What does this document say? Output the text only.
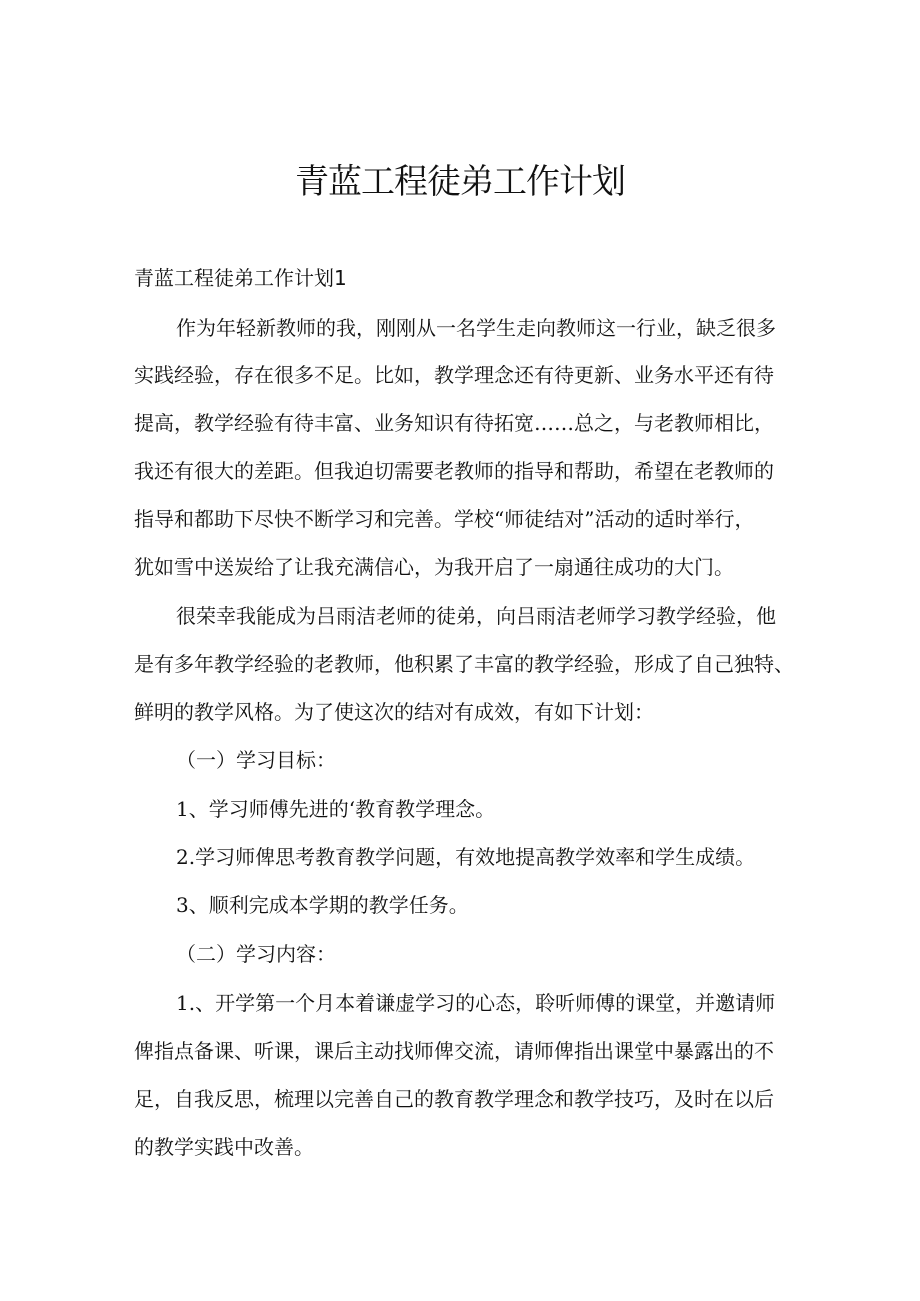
青蓝工程徒弟工作计划
青蓝工程徒弟工作计划1
作为年轻新教师的我，刚刚从一名学生走向教师这一行业，缺乏很多
实践经验，存在很多不足。比如，教学理念还有待更新、业务水平还有待
提高，教学经验有待丰富、业务知识有待拓宽……总之，与老教师相比，
我还有很大的差距。但我迫切需要老教师的指导和帮助，希望在老教师的
指导和都助下尽快不断学习和完善。学校“师徒结对”活动的适时举行，
犹如雪中送炭给了让我充满信心，为我开启了一扇通往成功的大门。
很荣幸我能成为吕雨洁老师的徒弟，向吕雨洁老师学习教学经验，他
是有多年教学经验的老教师，他积累了丰富的教学经验，形成了自己独特、
鲜明的教学风格。为了使这次的结对有成效，有如下计划：
（一）学习目标：
1、学习师傅先进的‘教育教学理念。
2.学习师俾思考教育教学问题，有效地提高教学效率和学生成绩。
3、顺利完成本学期的教学任务。
（二）学习内容：
1.、开学第一个月本着谦虚学习的心态，聆听师傅的课堂，并邀请师
俾指点备课、听课，课后主动找师俾交流，请师俾指出课堂中暴露出的不
足，自我反思，梳理以完善自己的教育教学理念和教学技巧，及时在以后
的教学实践中改善。
